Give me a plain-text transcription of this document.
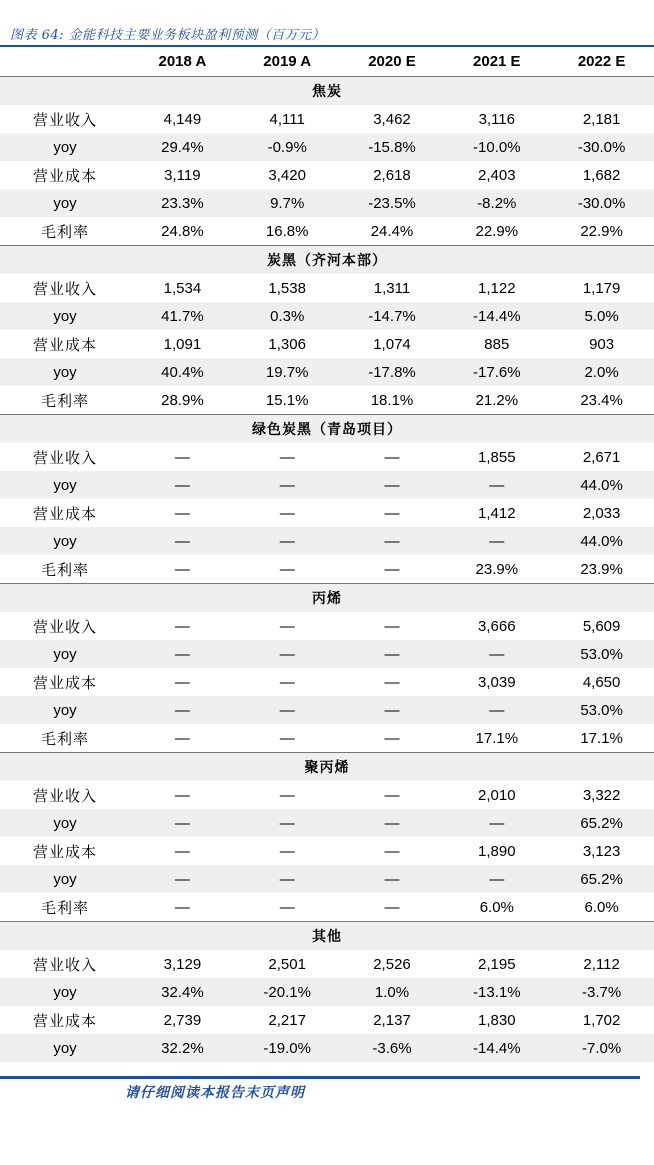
图表 64: 金能科技主要业务板块盈利预测（百万元）
	2018 A	2019 A	2020 E	2021 E	2022 E
焦炭					
营业收入	4,149	4,111	3,462	3,116	2,181
yoy	29.4%	-0.9%	-15.8%	-10.0%	-30.0%
营业成本	3,119	3,420	2,618	2,403	1,682
yoy	23.3%	9.7%	-23.5%	-8.2%	-30.0%
毛利率	24.8%	16.8%	24.4%	22.9%	22.9%
炭黑（齐河本部）					
营业收入	1,534	1,538	1,311	1,122	1,179
yoy	41.7%	0.3%	-14.7%	-14.4%	5.0%
营业成本	1,091	1,306	1,074	885	903
yoy	40.4%	19.7%	-17.8%	-17.6%	2.0%
毛利率	28.9%	15.1%	18.1%	21.2%	23.4%
绿色炭黑（青岛项目）					
营业收入	—	—	—	1,855	2,671
yoy	—	—	—	—	44.0%
营业成本	—	—	—	1,412	2,033
yoy	—	—	—	—	44.0%
毛利率	—	—	—	23.9%	23.9%
丙烯					
营业收入	—	—	—	3,666	5,609
yoy	—	—	—	—	53.0%
营业成本	—	—	—	3,039	4,650
yoy	—	—	—	—	53.0%
毛利率	—	—	—	17.1%	17.1%
聚丙烯					
营业收入	—	—	—	2,010	3,322
yoy	—	—	—	—	65.2%
营业成本	—	—	—	1,890	3,123
yoy	—	—	—	—	65.2%
毛利率	—	—	—	6.0%	6.0%
其他					
营业收入	3,129	2,501	2,526	2,195	2,112
yoy	32.4%	-20.1%	1.0%	-13.1%	-3.7%
营业成本	2,739	2,217	2,137	1,830	1,702
yoy	32.2%	-19.0%	-3.6%	-14.4%	-7.0%
请仔细阅读本报告末页声明
